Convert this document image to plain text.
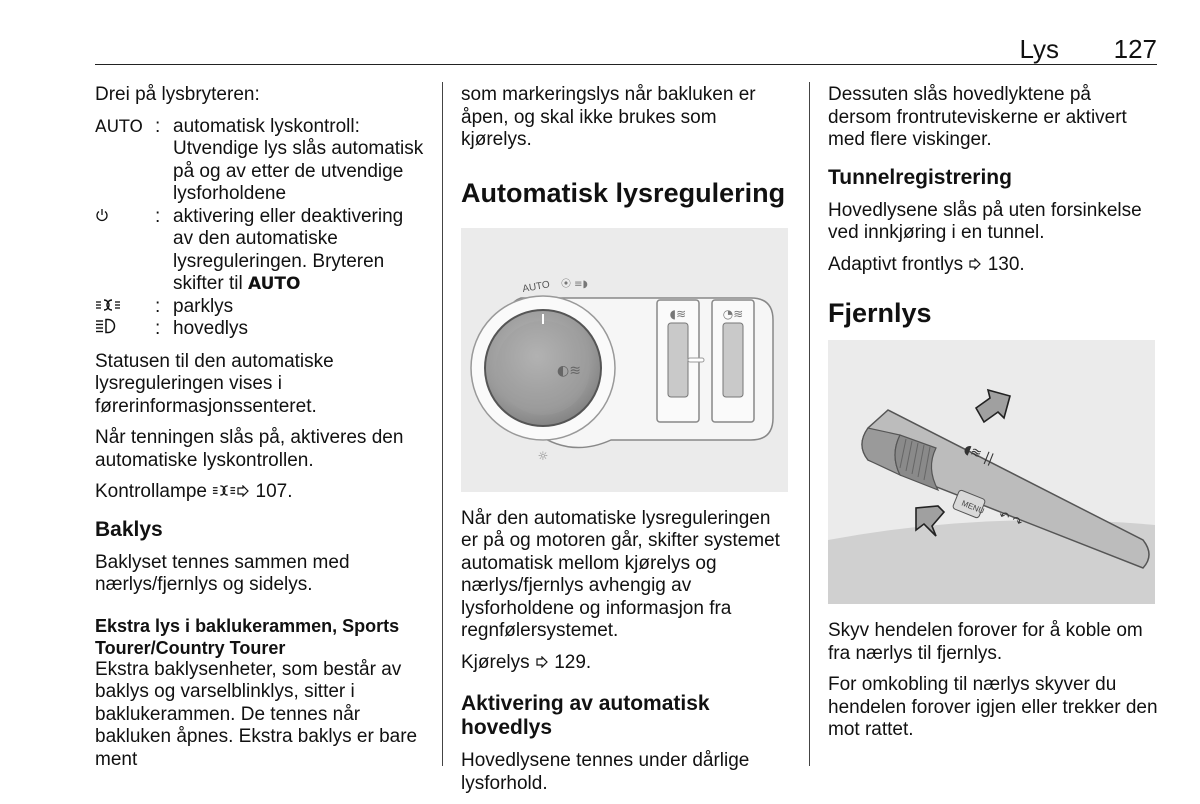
Lys 127

Drei på lysbryteren:

AUTO : automatisk lyskontroll: Utvendige lys slås automatisk på og av etter de utvendige lysforholdene
: aktivering eller deaktivering av den automatiske lysreguleringen. Bryteren skifter til AUTO
: parklys
: hovedlys

Statusen til den automatiske lysreguleringen vises i førerinformasjonssenteret.

Når tenningen slås på, aktiveres den automatiske lyskontrollen.

Kontrollampe	107.

Baklys

Baklyset tennes sammen med nærlys/fjernlys og sidelys.

Ekstra lys i baklukerammen, Sports Tourer/Country Tourer

Ekstra baklysenheter, som består av baklys og varselblinklys, sitter i baklukerammen. De tennes når bakluken åpnes. Ekstra baklys er bare ment

som markeringslys når bakluken er åpen, og skal ikke brukes som kjørelys.

Automatisk lysregulering
◐≋
AUTO ⦿ ≡◗
☼
◖≋	◔≋

Når den automatiske lysreguleringen er på og motoren går, skifter systemet automatisk mellom kjørelys og nærlys/fjernlys avhengig av lysforholdene og informasjon fra regnfølersystemet.

Kjørelys 129.

Aktivering av automatisk hovedlys

Hovedlysene tennes under dårlige lysforhold.

Dessuten slås hovedlyktene på dersom frontruteviskerne er aktivert med flere viskinger.

Tunnelregistrering

Hovedlysene slås på uten forsinkelse ved innkjøring i en tunnel.

Adaptivt frontlys 130.

Fjernlys
MENU
◖≋ ||
↶ ↷

Skyv hendelen forover for å koble om fra nærlys til fjernlys.

For omkobling til nærlys skyver du hendelen forover igjen eller trekker den mot rattet.
